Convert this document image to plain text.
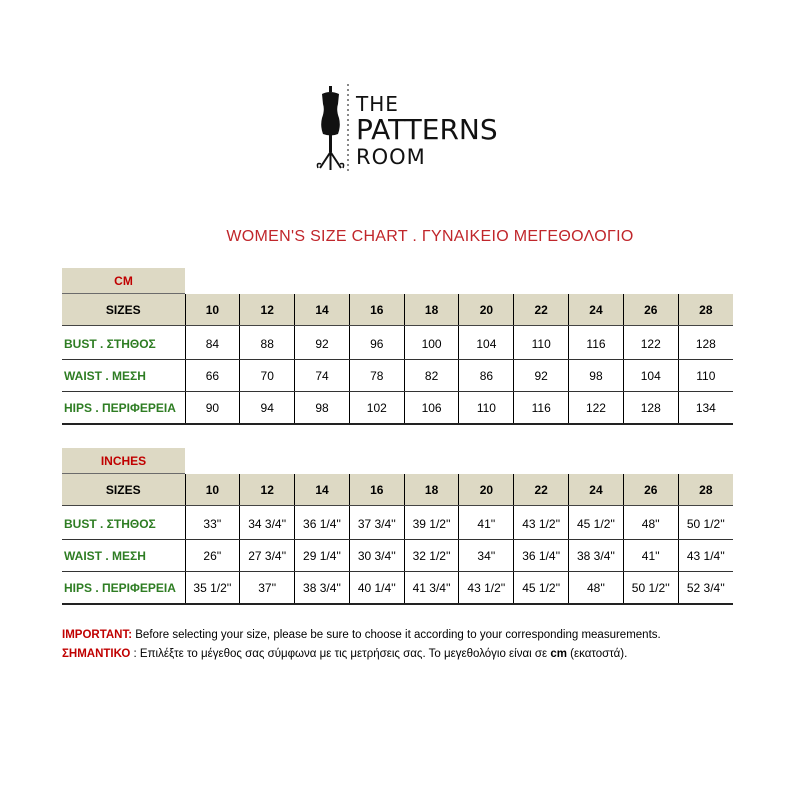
THE
PATTERNS
ROOM
WOMEN'S SIZE CHART . ΓΥΝΑΙΚΕΙΟ ΜΕΓΕΘΟΛΟΓΙΟ
CM
SIZES	10	12	14	16	18	20	22	24	26	28

BUST . ΣΤΗΘΟΣ	84	88	92	96	100	104	110	116	122	128
WAIST . ΜΕΣΗ	66	70	74	78	82	86	92	98	104	110
HIPS . ΠΕΡΙΦΕΡΕΙΑ	90	94	98	102	106	110	116	122	128	134
INCHES
SIZES	10	12	14	16	18	20	22	24	26	28

BUST . ΣΤΗΘΟΣ	33''	34 3/4''	36 1/4''	37 3/4''	39 1/2''	41''	43 1/2''	45 1/2''	48''	50 1/2''
WAIST . ΜΕΣΗ	26''	27 3/4''	29 1/4''	30 3/4''	32 1/2''	34''	36 1/4''	38 3/4''	41''	43 1/4''
HIPS . ΠΕΡΙΦΕΡΕΙΑ	35 1/2''	37''	38 3/4''	40 1/4''	41 3/4''	43 1/2''	45 1/2''	48''	50 1/2''	52 3/4''
IMPORTANT: Before selecting your size, please be sure to choose it according to your corresponding measurements.
ΣΗΜΑΝΤΙΚΟ : Επιλέξτε το μέγεθος σας σύμφωνα με τις μετρήσεις σας. Το μεγεθολόγιο είναι σε cm (εκατοστά).
